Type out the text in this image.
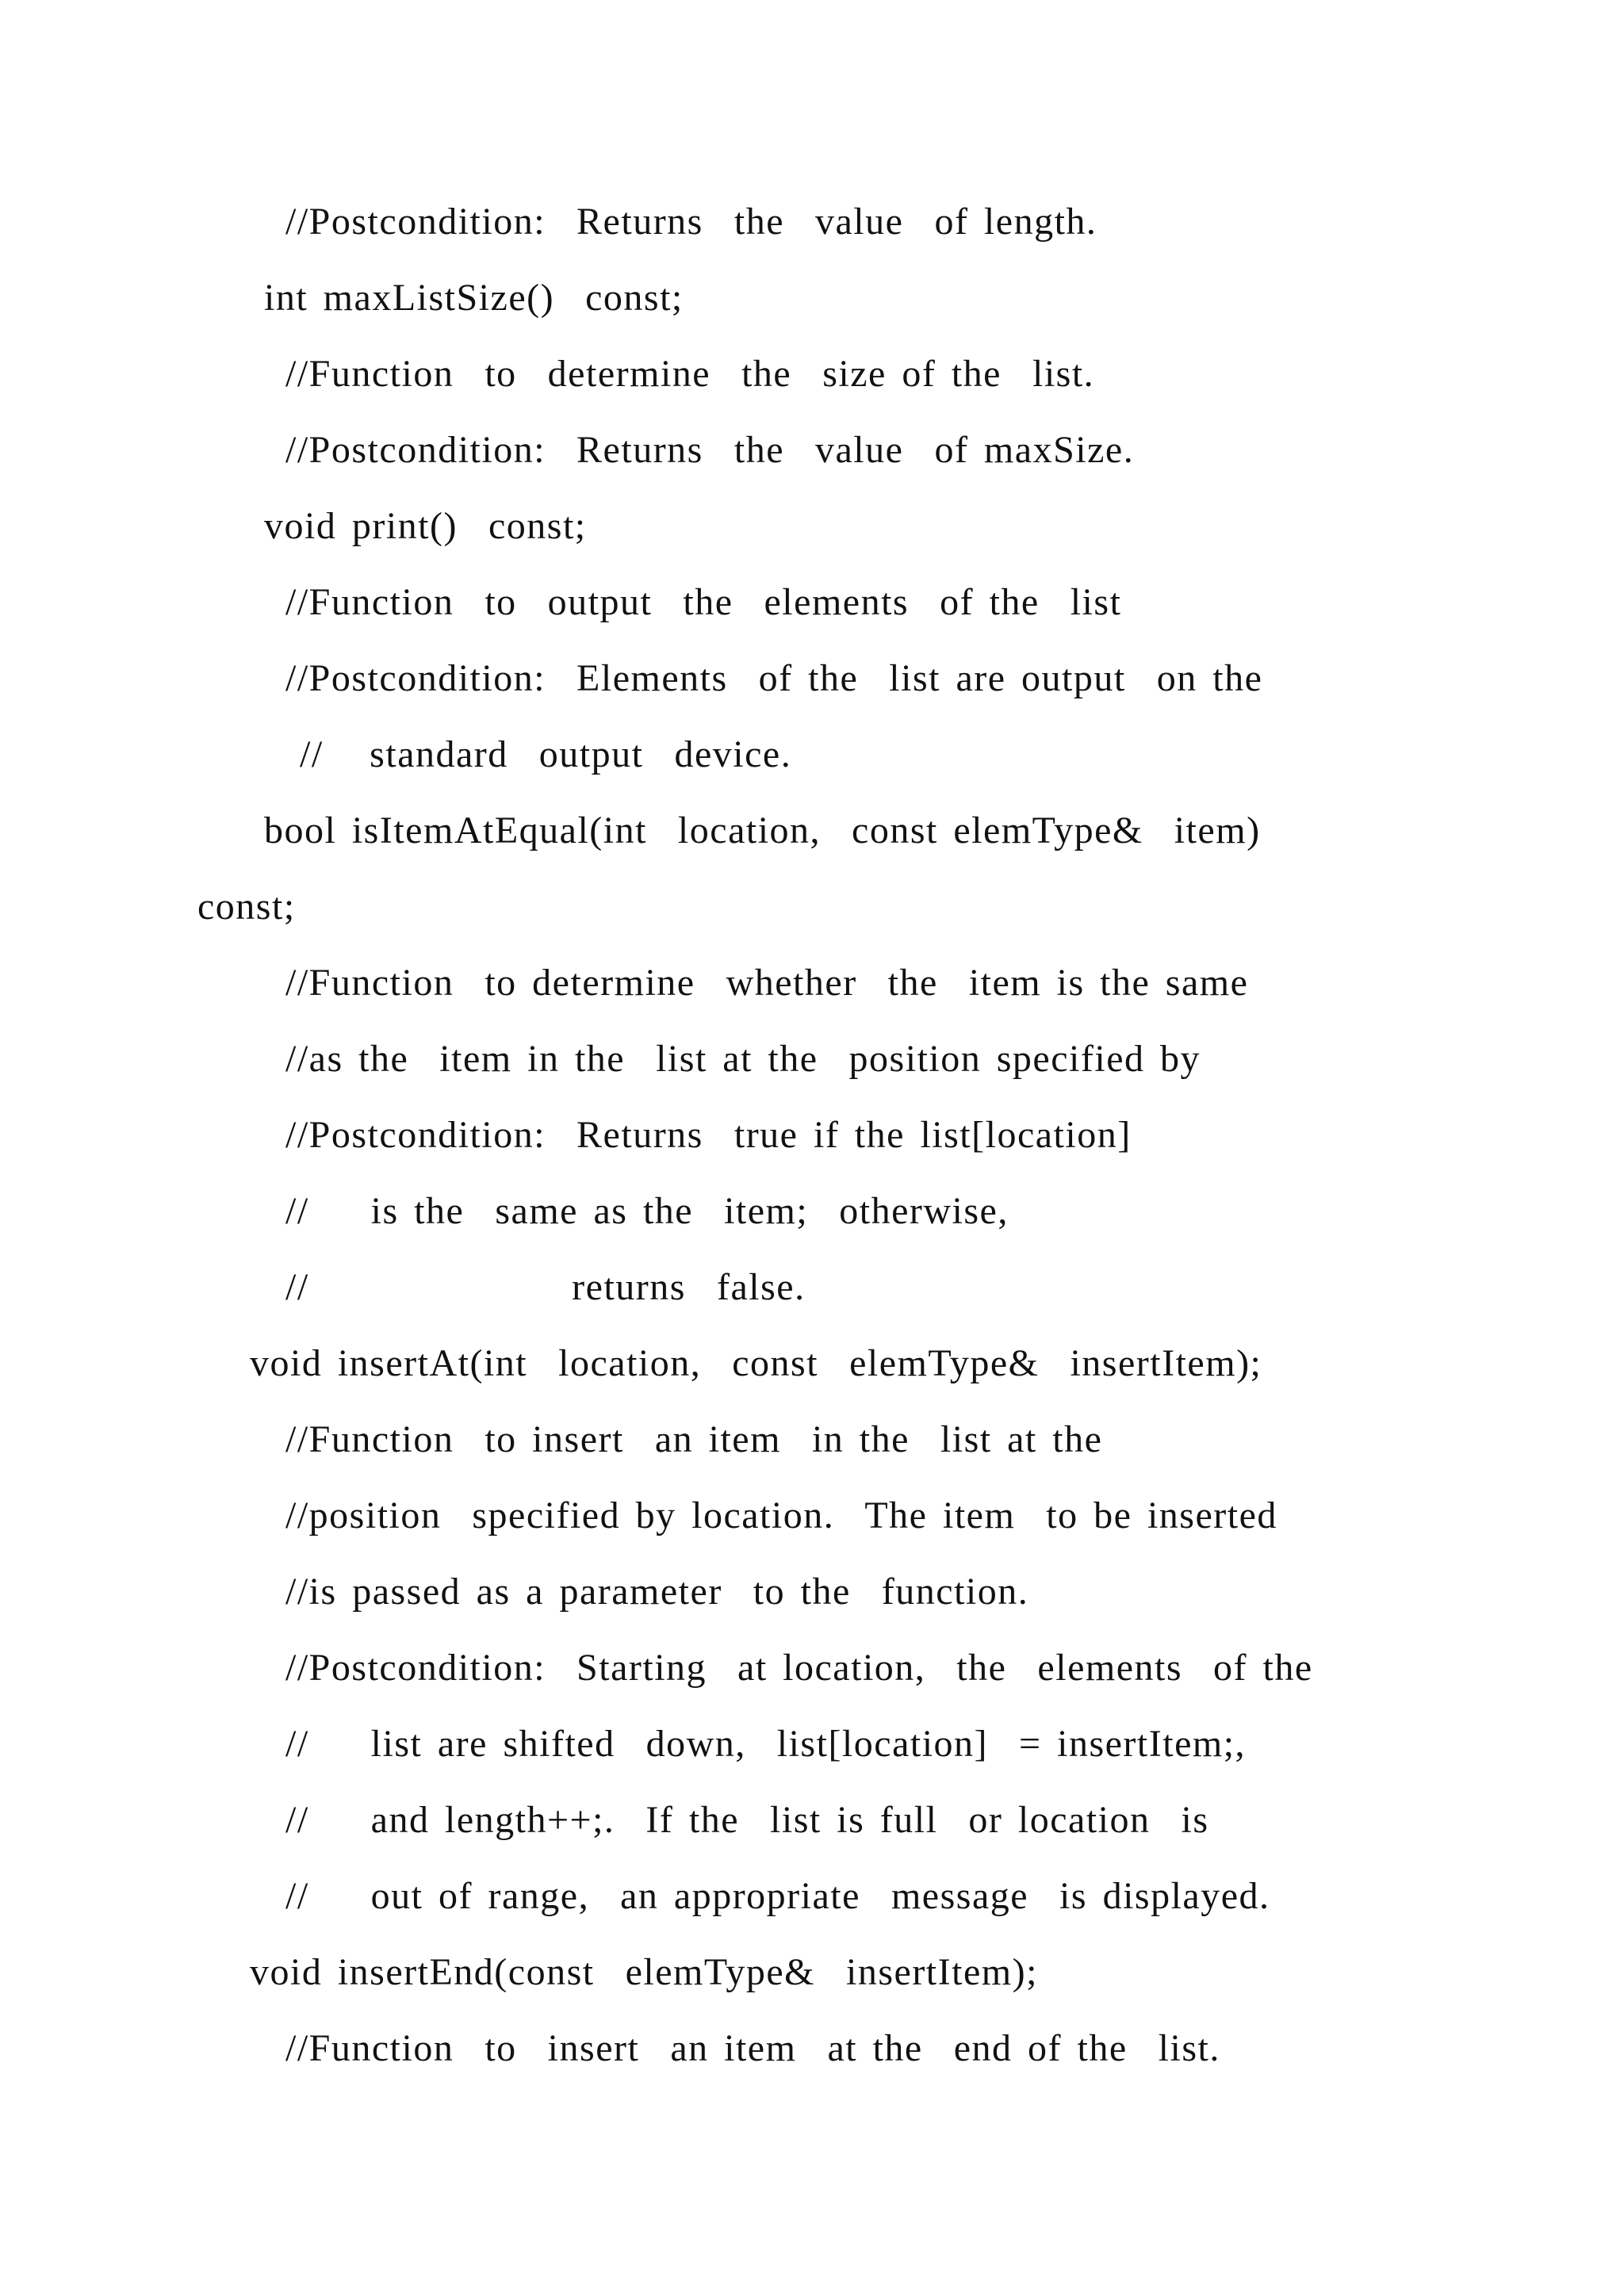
//Postcondition:  Returns  the  value  of length.

int maxListSize()  const;

//Function  to  determine  the  size of the  list.

//Postcondition:  Returns  the  value  of maxSize.

void print()  const;

//Function  to  output  the  elements  of the  list

//Postcondition:  Elements  of the  list are output  on the

//   standard  output  device.

bool isItemAtEqual(int  location,  const elemType&  item)

const;

//Function  to determine  whether  the  item is the same

//as the  item in the  list at the  position specified by

//Postcondition:  Returns  true if the list[location]

//    is the  same as the  item;  otherwise,

//                 returns  false.

void insertAt(int  location,  const  elemType&  insertItem);

//Function  to insert  an item  in the  list at the

//position  specified by location.  The item  to be inserted

//is passed as a parameter  to the  function.

//Postcondition:  Starting  at location,  the  elements  of the

//    list are shifted  down,  list[location]  = insertItem;,

//    and length++;.  If the  list is full  or location  is

//    out of range,  an appropriate  message  is displayed.

void insertEnd(const  elemType&  insertItem);

//Function  to  insert  an item  at the  end of the  list.
